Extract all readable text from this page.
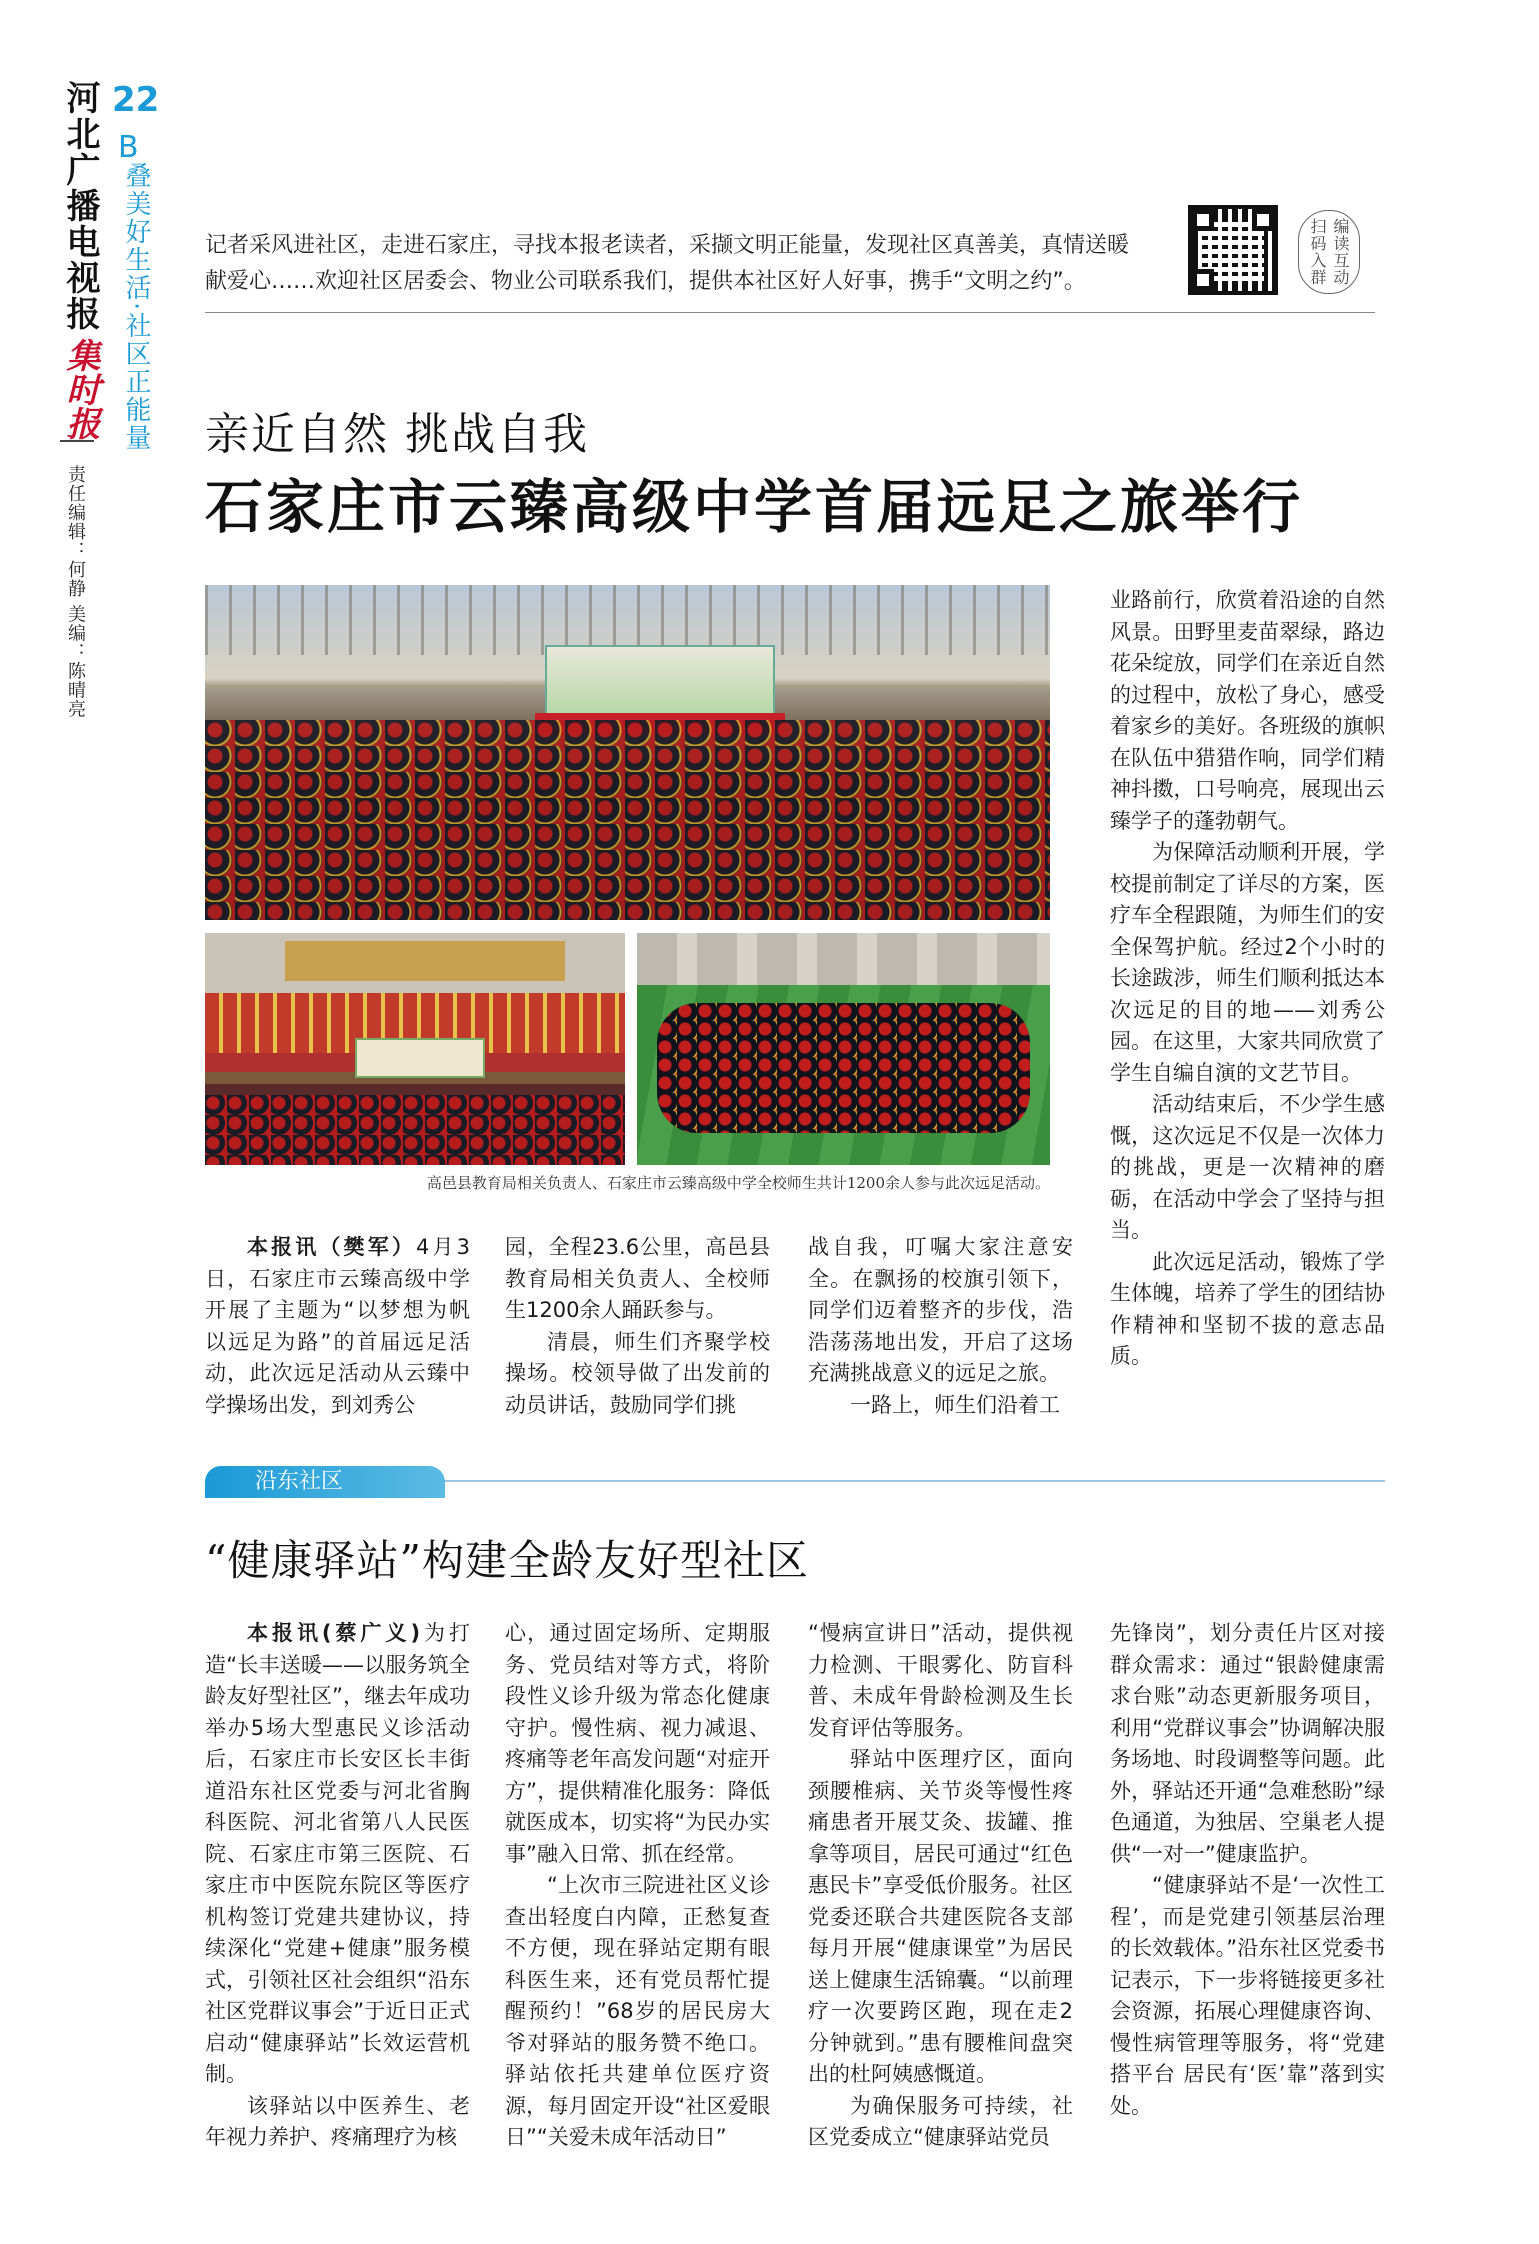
河北广播电视报
集时报
责任编辑：何静 美编：陈晴亮
22
B
叠美好生活·社区正能量 记者采风进社区，走进石家庄，寻找本报老读者，采撷文明正能量，发现社区真善美，真情送暖献爱心……欢迎社区居委会、物业公司联系我们，提供本社区好人好事，携手“文明之约”。	扫码入群 编读互动
亲近自然 挑战自我
石家庄市云臻高级中学首届远足之旅举行
高邑县教育局相关负责人、石家庄市云臻高级中学全校师生共计1200余人参与此次远足活动。

业路前行，欣赏着沿途的自然风景。田野里麦苗翠绿，路边花朵绽放，同学们在亲近自然的过程中，放松了身心，感受着家乡的美好。各班级的旗帜在队伍中猎猎作响，同学们精神抖擞，口号响亮，展现出云臻学子的蓬勃朝气。

为保障活动顺利开展，学校提前制定了详尽的方案，医疗车全程跟随，为师生们的安全保驾护航。经过2个小时的长途跋涉，师生们顺利抵达本次远足的目的地——刘秀公园。在这里，大家共同欣赏了学生自编自演的文艺节目。

活动结束后，不少学生感慨，这次远足不仅是一次体力的挑战，更是一次精神的磨砺，在活动中学会了坚持与担当。

此次远足活动，锻炼了学生体魄，培养了学生的团结协作精神和坚韧不拔的意志品质。

本报讯（樊军）4月3日，石家庄市云臻高级中学开展了主题为“以梦想为帆 以远足为路”的首届远足活动，此次远足活动从云臻中学操场出发，到刘秀公

园，全程23.6公里，高邑县教育局相关负责人、全校师生1200余人踊跃参与。

清晨，师生们齐聚学校操场。校领导做了出发前的动员讲话，鼓励同学们挑

战自我，叮嘱大家注意安全。在飘扬的校旗引领下，同学们迈着整齐的步伐，浩浩荡荡地出发，开启了这场充满挑战意义的远足之旅。

一路上，师生们沿着工

沿东社区
“健康驿站”构建全龄友好型社区

本报讯(蔡广义)为打造“长丰送暖——以服务筑全龄友好型社区”，继去年成功举办5场大型惠民义诊活动后，石家庄市长安区长丰街道沿东社区党委与河北省胸科医院、河北省第八人民医院、石家庄市第三医院、石家庄市中医院东院区等医疗机构签订党建共建协议，持续深化“党建+健康”服务模式，引领社区社会组织“沿东社区党群议事会”于近日正式启动“健康驿站”长效运营机制。

该驿站以中医养生、老年视力养护、疼痛理疗为核

心，通过固定场所、定期服务、党员结对等方式，将阶段性义诊升级为常态化健康守护。慢性病、视力减退、疼痛等老年高发问题“对症开方”，提供精准化服务：降低就医成本，切实将“为民办实事”融入日常、抓在经常。

“上次市三院进社区义诊查出轻度白内障，正愁复查不方便，现在驿站定期有眼科医生来，还有党员帮忙提醒预约！”68岁的居民房大爷对驿站的服务赞不绝口。驿站依托共建单位医疗资源，每月固定开设“社区爱眼日”“关爱未成年活动日”

“慢病宣讲日”活动，提供视力检测、干眼雾化、防盲科普、未成年骨龄检测及生长发育评估等服务。

驿站中医理疗区，面向颈腰椎病、关节炎等慢性疼痛患者开展艾灸、拔罐、推拿等项目，居民可通过“红色惠民卡”享受低价服务。社区党委还联合共建医院各支部每月开展“健康课堂”为居民送上健康生活锦囊。“以前理疗一次要跨区跑，现在走2分钟就到。”患有腰椎间盘突出的杜阿姨感慨道。

为确保服务可持续，社区党委成立“健康驿站党员

先锋岗”，划分责任片区对接群众需求：通过“银龄健康需求台账”动态更新服务项目，利用“党群议事会”协调解决服务场地、时段调整等问题。此外，驿站还开通“急难愁盼”绿色通道，为独居、空巢老人提供“一对一”健康监护。

“健康驿站不是‘一次性工程’，而是党建引领基层治理的长效载体。”沿东社区党委书记表示，下一步将链接更多社会资源，拓展心理健康咨询、慢性病管理等服务，将“党建搭平台 居民有‘医’靠”落到实处。
